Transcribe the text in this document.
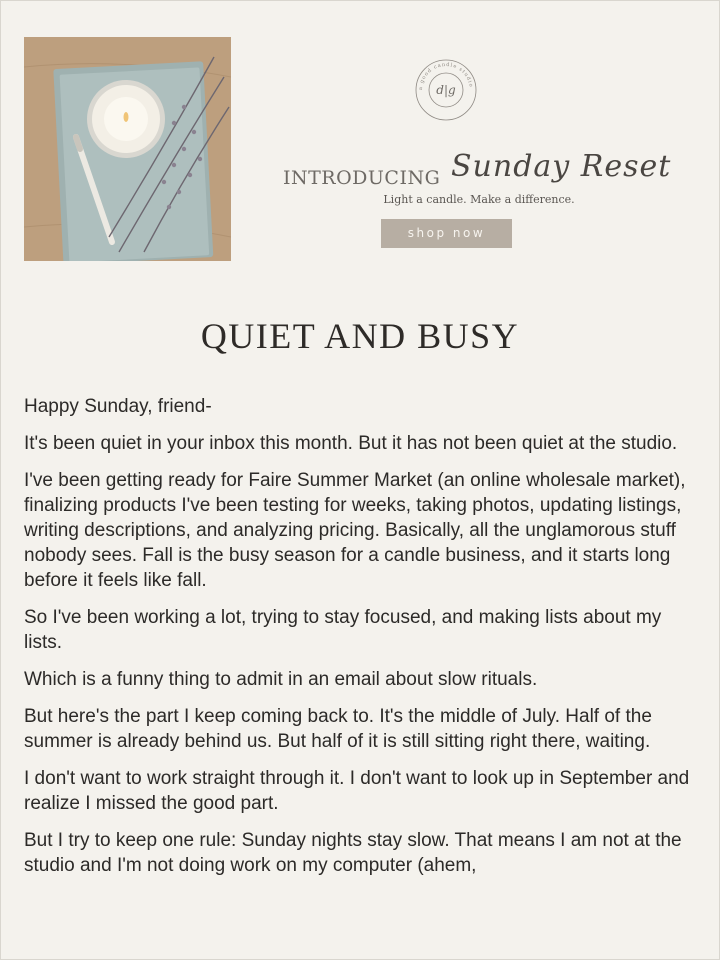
a good candle studio
d|g
INTRODUCING Sunday Reset
Light a candle. Make a difference.
shop now
QUIET AND BUSY

Happy Sunday, friend-

It's been quiet in your inbox this month. But it has not been quiet at the studio.

I've been getting ready for Faire Summer Market (an online wholesale market), finalizing products I've been testing for weeks, taking photos, updating listings, writing descriptions, and analyzing pricing. Basically, all the unglamorous stuff nobody sees. Fall is the busy season for a candle business, and it starts long before it feels like fall.

So I've been working a lot, trying to stay focused, and making lists about my lists.

Which is a funny thing to admit in an email about slow rituals.

But here's the part I keep coming back to. It's the middle of July. Half of the summer is already behind us. But half of it is still sitting right there, waiting.

I don't want to work straight through it. I don't want to look up in September and realize I missed the good part.

But I try to keep one rule: Sunday nights stay slow. That means I am not at the studio and I'm not doing work on my computer (ahem,
